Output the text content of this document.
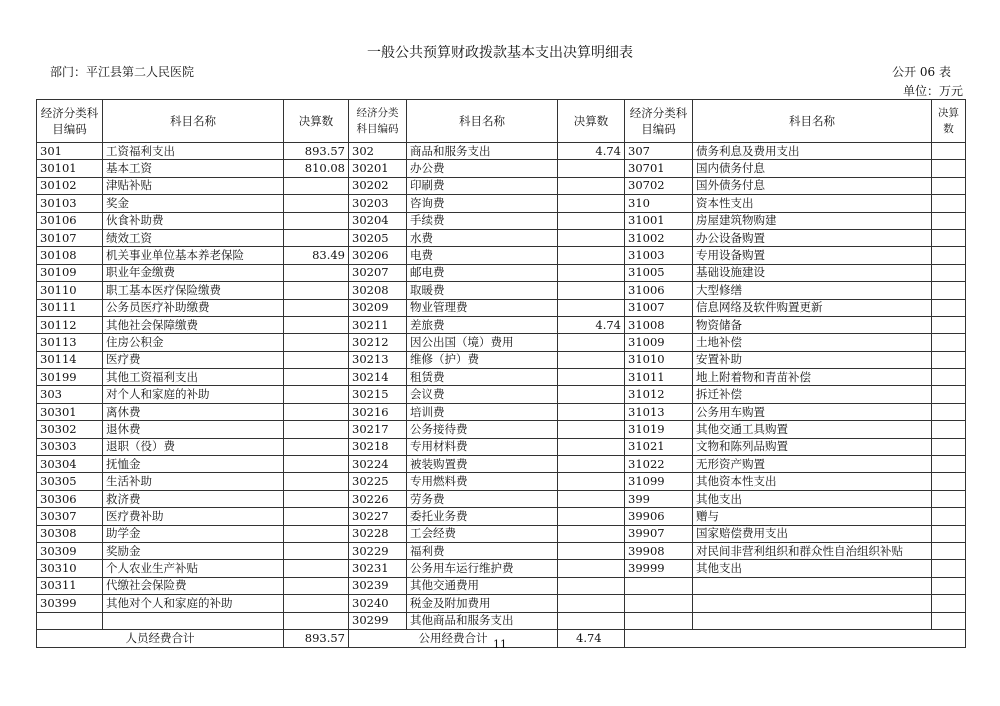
一般公共预算财政拨款基本支出决算明细表
部门：平江县第二人民医院	公开 06 表
单位：万元
经济分类科目编码	科目名称	决算数	经济分类科目编码	科目名称	决算数	经济分类科目编码	科目名称	决算数
301	工资福利支出	893.57	302	商品和服务支出	4.74	307	债务利息及费用支出	
30101	基本工资	810.08	30201	办公费		30701	国内债务付息	
30102	津贴补贴		30202	印刷费		30702	国外债务付息	
30103	奖金		30203	咨询费		310	资本性支出	
30106	伙食补助费		30204	手续费		31001	房屋建筑物购建	
30107	绩效工资		30205	水费		31002	办公设备购置	
30108	机关事业单位基本养老保险	83.49	30206	电费		31003	专用设备购置	
30109	职业年金缴费		30207	邮电费		31005	基础设施建设	
30110	职工基本医疗保险缴费		30208	取暖费		31006	大型修缮	
30111	公务员医疗补助缴费		30209	物业管理费		31007	信息网络及软件购置更新	
30112	其他社会保障缴费		30211	差旅费	4.74	31008	物资储备	
30113	住房公积金		30212	因公出国（境）费用		31009	土地补偿	
30114	医疗费		30213	维修（护）费		31010	安置补助	
30199	其他工资福利支出		30214	租赁费		31011	地上附着物和青苗补偿	
303	对个人和家庭的补助		30215	会议费		31012	拆迁补偿	
30301	离休费		30216	培训费		31013	公务用车购置	
30302	退休费		30217	公务接待费		31019	其他交通工具购置	
30303	退职（役）费		30218	专用材料费		31021	文物和陈列品购置	
30304	抚恤金		30224	被装购置费		31022	无形资产购置	
30305	生活补助		30225	专用燃料费		31099	其他资本性支出	
30306	救济费		30226	劳务费		399	其他支出	
30307	医疗费补助		30227	委托业务费		39906	赠与	
30308	助学金		30228	工会经费		39907	国家赔偿费用支出	
30309	奖励金		30229	福利费		39908	对民间非营利组织和群众性自治组织补贴	
30310	个人农业生产补贴		30231	公务用车运行维护费		39999	其他支出	
30311	代缴社会保险费		30239	其他交通费用				
30399	其他对个人和家庭的补助		30240	税金及附加费用				
			30299	其他商品和服务支出				
人员经费合计		893.57	公用经费合计		4.74			
11
